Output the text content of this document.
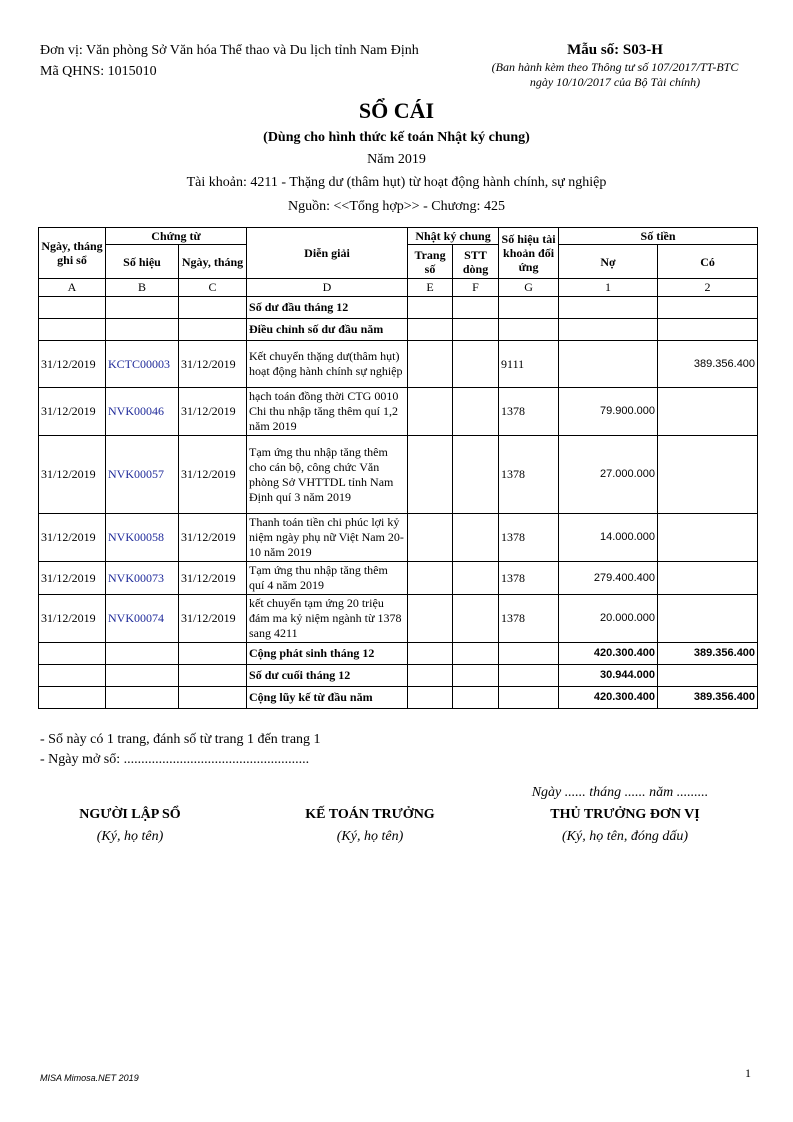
Đơn vị: Văn phòng Sở Văn hóa Thể thao và Du lịch tỉnh Nam Định
Mã QHNS: 1015010
Mẫu số: S03-H
(Ban hành kèm theo Thông tư số 107/2017/TT-BTC
ngày 10/10/2017 của Bộ Tài chính)
SỔ CÁI
(Dùng cho hình thức kế toán Nhật ký chung)
Năm 2019
Tài khoản: 4211 - Thặng dư (thâm hụt) từ hoạt động hành chính, sự nghiệp
Nguồn: <<Tổng hợp>> - Chương: 425
Ngày, tháng ghi sổ	Chứng từ		Diễn giải	Nhật ký chung		Số hiệu tài khoản đối ứng	Số tiền	
	Số hiệu	Ngày, tháng		Trang số	STT dòng		Nợ	Có
A	B	C	D	E	F	G	1	2
			Số dư đầu tháng 12					
			Điều chỉnh số dư đầu năm					
31/12/2019	KCTC00003	31/12/2019	Kết chuyển thặng dư(thâm hụt) hoạt động hành chính sự nghiệp			9111		389.356.400
31/12/2019	NVK00046	31/12/2019	hạch toán đồng thời CTG 0010 Chi thu nhập tăng thêm quí 1,2 năm 2019			1378	79.900.000	
31/12/2019	NVK00057	31/12/2019	Tạm ứng thu nhập tăng thêm cho cán bộ, công chức Văn phòng Sở VHTTDL tỉnh Nam Định quí 3 năm 2019			1378	27.000.000	
31/12/2019	NVK00058	31/12/2019	Thanh toán tiền chi phúc lợi kỷ niệm ngày phụ nữ Việt Nam 20-10 năm 2019			1378	14.000.000	
31/12/2019	NVK00073	31/12/2019	Tạm ứng thu nhập tăng thêm quí 4 năm 2019			1378	279.400.400	
31/12/2019	NVK00074	31/12/2019	kết chuyển tạm ứng 20 triệu đám ma kỷ niệm ngành từ 1378 sang 4211			1378	20.000.000	
			Cộng phát sinh tháng 12				420.300.400	389.356.400
			Số dư cuối tháng 12				30.944.000	
			Cộng lũy kế từ đầu năm				420.300.400	389.356.400
- Sổ này có 1 trang, đánh số từ trang 1 đến trang 1
- Ngày mở sổ: .....................................................
Ngày ...... tháng ...... năm .........
NGƯỜI LẬP SỔ
(Ký, họ tên)
KẾ TOÁN TRƯỞNG
(Ký, họ tên)
THỦ TRƯỞNG ĐƠN VỊ
(Ký, họ tên, đóng dấu)
MISA Mimosa.NET 2019	1
